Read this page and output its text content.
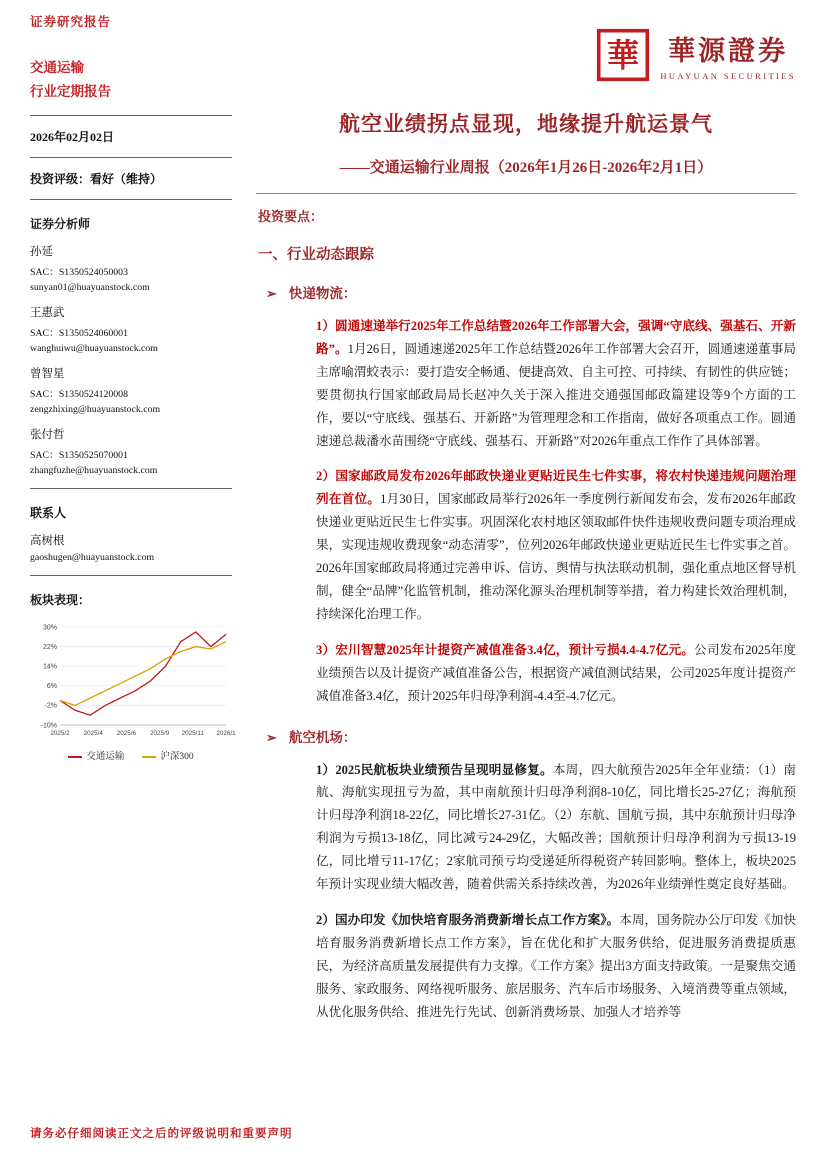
证券研究报告
交通运输
行业定期报告
2026年02月02日
投资评级：看好（维持）
证券分析师
孙延
SAC：S1350524050003
sunyan01@huayuanstock.com
王惠武
SAC：S1350524060001
wanghuiwu@huayuanstock.com
曾智星
SAC：S1350524120008
zengzhixing@huayuanstock.com
张付哲
SAC：S1350525070001
zhangfuzhe@huayuanstock.com
联系人
高树根
gaoshugen@huayuanstock.com
板块表现：
30%
22%
14%
6%
-2%
-10%
2025/2 2025/4 2025/6 2025/9 2025/11 2026/1
交通运输	沪深300
華 華源證券
HUAYUAN SECURITIES
航空业绩拐点显现，地缘提升航运景气
——交通运输行业周报（2026年1月26日-2026年2月1日）
投资要点：
一、行业动态跟踪
➢ 快递物流：

1）圆通速递举行2025年工作总结暨2026年工作部署大会，强调“守底线、强基石、开新路”。1月26日，圆通速递2025年工作总结暨2026年工作部署大会召开，圆通速递董事局主席喻渭蛟表示：要打造安全畅通、便捷高效、自主可控、可持续、有韧性的供应链；要贯彻执行国家邮政局局长赵冲久关于深入推进交通强国邮政篇建设等9个方面的工作，要以“守底线、强基石、开新路”为管理理念和工作指南，做好各项重点工作。圆通速递总裁潘水苗围绕“守底线、强基石、开新路”对2026年重点工作作了具体部署。

2）国家邮政局发布2026年邮政快递业更贴近民生七件实事，将农村快递违规问题治理列在首位。1月30日，国家邮政局举行2026年一季度例行新闻发布会，发布2026年邮政快递业更贴近民生七件实事。巩固深化农村地区领取邮件快件违规收费问题专项治理成果，实现违规收费现象“动态清零”，位列2026年邮政快递业更贴近民生七件实事之首。2026年国家邮政局将通过完善申诉、信访、舆情与执法联动机制，强化重点地区督导机制，健全“品牌”化监管机制，推动深化源头治理机制等举措，着力构建长效治理机制，持续深化治理工作。

3）宏川智慧2025年计提资产减值准备3.4亿，预计亏损4.4-4.7亿元。公司发布2025年度业绩预告以及计提资产减值准备公告，根据资产减值测试结果，公司2025年度计提资产减值准备3.4亿，预计2025年归母净利润-4.4至-4.7亿元。

➢ 航空机场：

1）2025民航板块业绩预告呈现明显修复。本周，四大航预告2025年全年业绩：（1）南航、海航实现扭亏为盈，其中南航预计归母净利润8-10亿，同比增长25-27亿；海航预计归母净利润18-22亿，同比增长27-31亿。（2）东航、国航亏损，其中东航预计归母净利润为亏损13-18亿，同比减亏24-29亿，大幅改善；国航预计归母净利润为亏损13-19亿，同比增亏11-17亿；2家航司预亏均受递延所得税资产转回影响。整体上，板块2025年预计实现业绩大幅改善，随着供需关系持续改善，为2026年业绩弹性奠定良好基础。

2）国办印发《加快培育服务消费新增长点工作方案》。本周，国务院办公厅印发《加快培育服务消费新增长点工作方案》，旨在优化和扩大服务供给，促进服务消费提质惠民，为经济高质量发展提供有力支撑。《工作方案》提出3方面支持政策。一是聚焦交通服务、家政服务、网络视听服务、旅居服务、汽车后市场服务、入境消费等重点领域，从优化服务供给、推进先行先试、创新消费场景、加强人才培养等

请务必仔细阅读正文之后的评级说明和重要声明
